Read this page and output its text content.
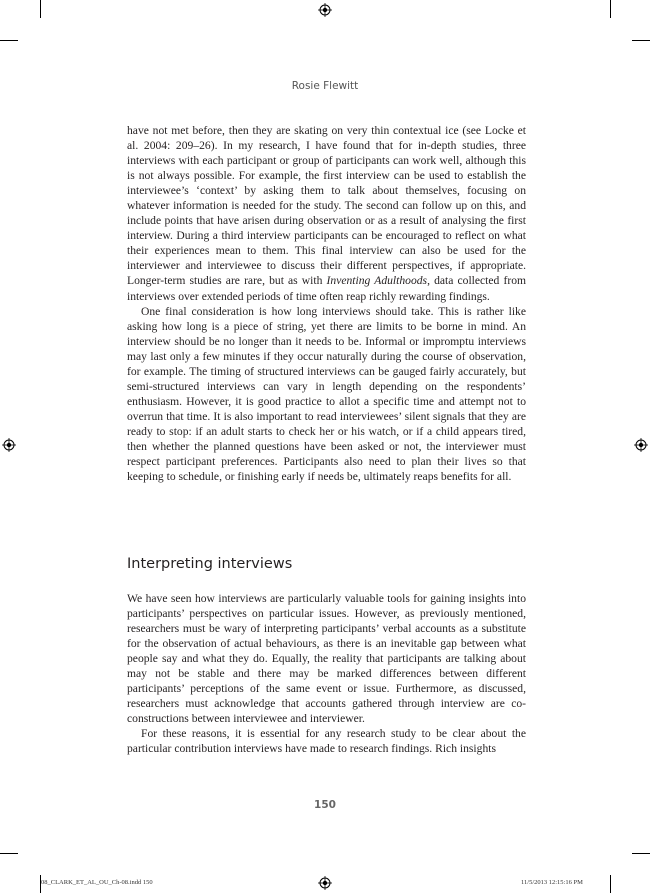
Rosie Flewitt

have not met before, then they are skating on very thin contextual ice (see Locke et al. 2004: 209–26). In my research, I have found that for in-depth studies, three interviews with each participant or group of participants can work well, although this is not always possible. For example, the first interview can be used to establish the interviewee’s ‘context’ by asking them to talk about themselves, focusing on whatever information is needed for the study. The second can follow up on this, and include points that have arisen during observation or as a result of analysing the first interview. During a third interview participants can be encouraged to reflect on what their experiences mean to them. This final interview can also be used for the interviewer and interviewee to discuss their different perspectives, if appropriate. Longer-term studies are rare, but as with Inventing Adulthoods, data collected from interviews over extended periods of time often reap richly rewarding findings.

One final consideration is how long interviews should take. This is rather like asking how long is a piece of string, yet there are limits to be borne in mind. An interview should be no longer than it needs to be. Informal or impromptu interviews may last only a few minutes if they occur naturally during the course of observation, for example. The timing of structured interviews can be gauged fairly accurately, but semi-structured interviews can vary in length depending on the respondents’ enthusiasm. However, it is good practice to allot a specific time and attempt not to overrun that time. It is also important to read interviewees’ silent signals that they are ready to stop: if an adult starts to check her or his watch, or if a child appears tired, then whether the planned questions have been asked or not, the interviewer must respect participant preferences. Participants also need to plan their lives so that keeping to schedule, or finishing early if needs be, ultimately reaps benefits for all.

Interpreting interviews

We have seen how interviews are particularly valuable tools for gaining insights into participants’ perspectives on particular issues. However, as previously mentioned, researchers must be wary of interpreting participants’ verbal accounts as a substitute for the observation of actual behaviours, as there is an inevitable gap between what people say and what they do. Equally, the reality that participants are talking about may not be stable and there may be marked differences between different participants’ perceptions of the same event or issue. Furthermore, as discussed, researchers must acknowledge that accounts gathered through interview are co-constructions between interviewee and interviewer.

For these reasons, it is essential for any research study to be clear about the particular contribution interviews have made to research findings. Rich insights

150
08_CLARK_ET_AL_OU_Ch-08.indd 150	11/5/2013 12:15:16 PM
